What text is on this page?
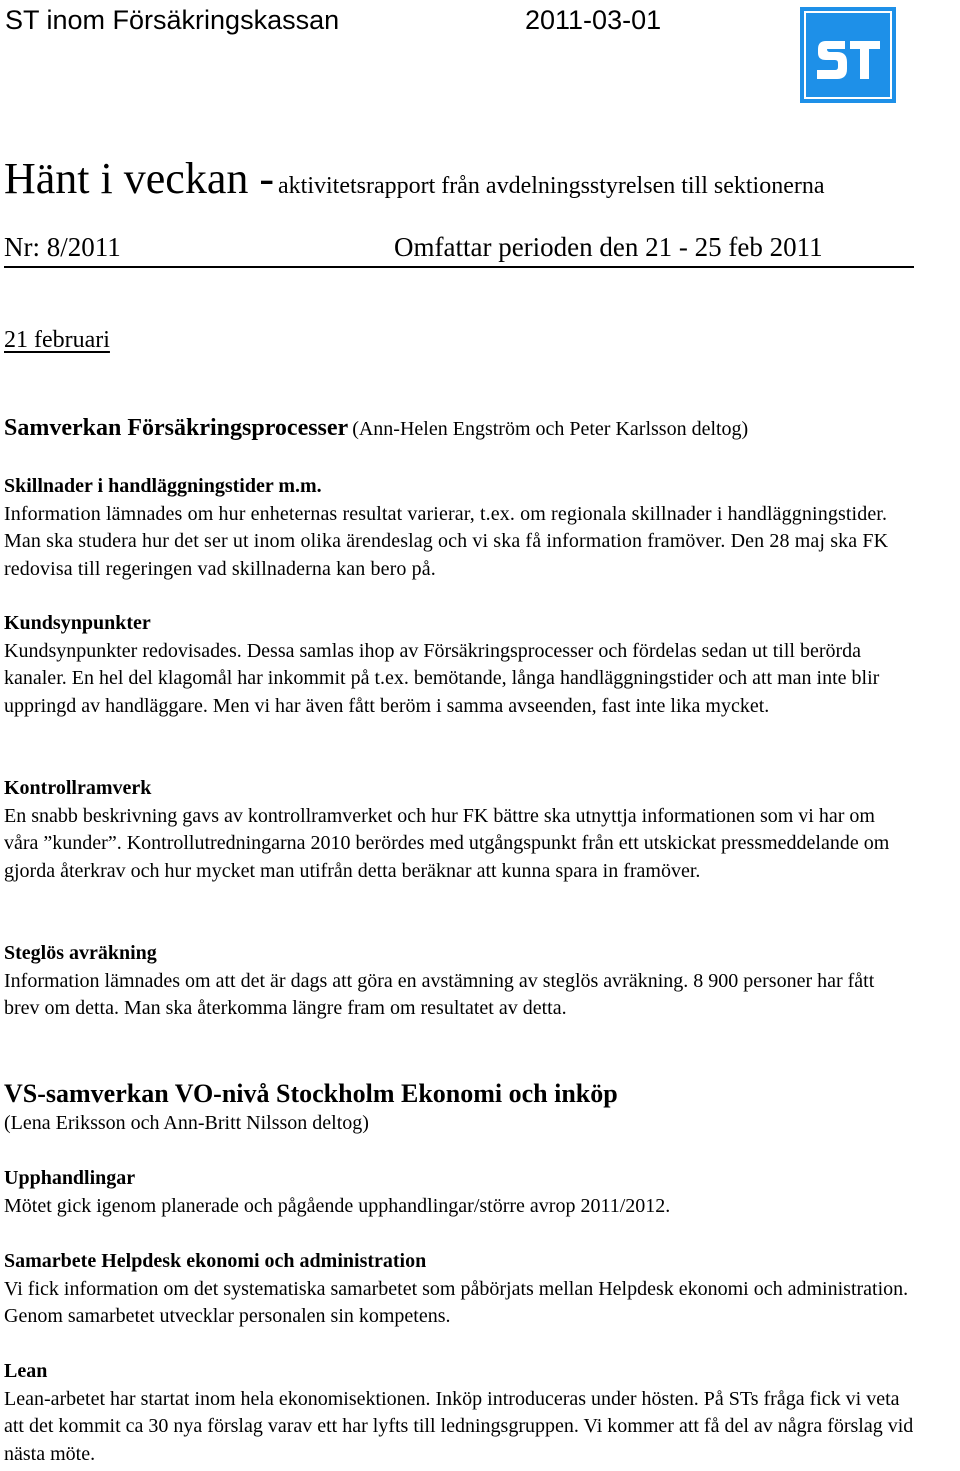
ST inom Försäkringskassan	2011-03-01
Hänt i veckan - aktivitetsrapport från avdelningsstyrelsen till sektionerna
Nr: 8/2011	Omfattar perioden den 21 - 25 feb 2011
21 februari
Samverkan Försäkringsprocesser (Ann-Helen Engström och Peter Karlsson deltog)

Skillnader i handläggningstider m.m.

Information lämnades om hur enheternas resultat varierar, t.ex. om regionala skillnader i handläggningstider. Man ska studera hur det ser ut inom olika ärendeslag och vi ska få information framöver. Den 28 maj ska FK redovisa till regeringen vad skillnaderna kan bero på.

Kundsynpunkter

Kundsynpunkter redovisades. Dessa samlas ihop av Försäkringsprocesser och fördelas sedan ut till berörda kanaler. En hel del klagomål har inkommit på t.ex. bemötande, långa handläggningstider och att man inte blir uppringd av handläggare. Men vi har även fått beröm i samma avseenden, fast inte lika mycket.

Kontrollramverk

En snabb beskrivning gavs av kontrollramverket och hur FK bättre ska utnyttja informationen som vi har om våra ”kunder”. Kontrollutredningarna 2010 berördes med utgångspunkt från ett utskickat pressmeddelande om gjorda återkrav och hur mycket man utifrån detta beräknar att kunna spara in framöver.

Steglös avräkning

Information lämnades om att det är dags att göra en avstämning av steglös avräkning. 8 900 personer har fått brev om detta. Man ska återkomma längre fram om resultatet av detta.

VS-samverkan VO-nivå Stockholm Ekonomi och inköp
(Lena Eriksson och Ann-Britt Nilsson deltog)

Upphandlingar

Mötet gick igenom planerade och pågående upphandlingar/större avrop 2011/2012.

Samarbete Helpdesk ekonomi och administration

Vi fick information om det systematiska samarbetet som påbörjats mellan Helpdesk ekonomi och administration. Genom samarbetet utvecklar personalen sin kompetens.

Lean

Lean-arbetet har startat inom hela ekonomisektionen. Inköp introduceras under hösten. På STs fråga fick vi veta att det kommit ca 30 nya förslag varav ett har lyfts till ledningsgruppen. Vi kommer att få del av några förslag vid nästa möte.
